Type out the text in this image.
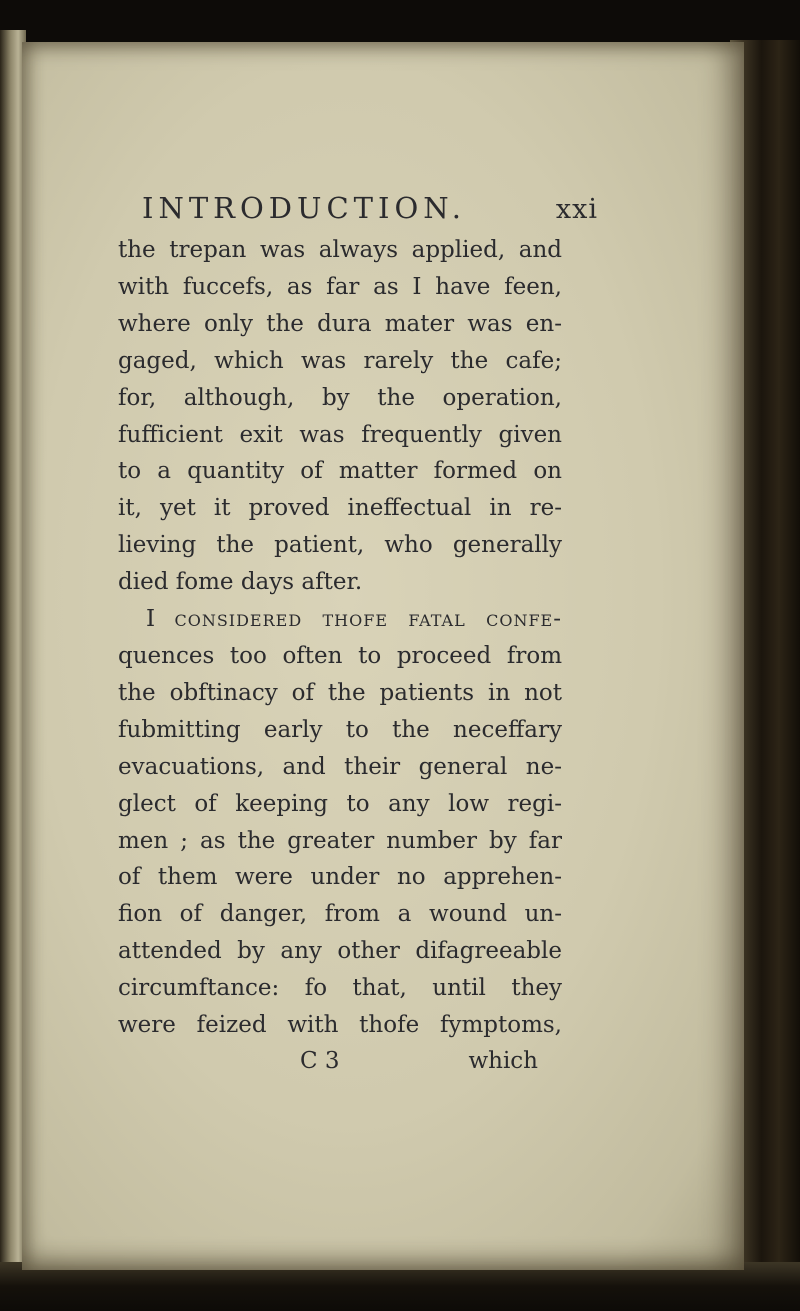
INTRODUCTION.	xxi
the trepan was always applied, and
with fuccefs, as far as I have feen,
where only the dura mater was en-
gaged, which was rarely the cafe;
for, although, by the operation,
fufficient exit was frequently given
to a quantity of matter formed on
it, yet it proved ineffectual in re-
lieving the patient, who generally
died fome days after.
I considered thofe fatal confe-
quences too often to proceed from
the obftinacy of the patients in not
fubmitting early to the neceffary
evacuations, and their general ne-
glect of keeping to any low regi-
men ; as the greater number by far
of them were under no apprehen-
fion of danger, from a wound un-
attended by any other difagreeable
circumftance: fo that, until they
were feized with thofe fymptoms,
C 3	which
